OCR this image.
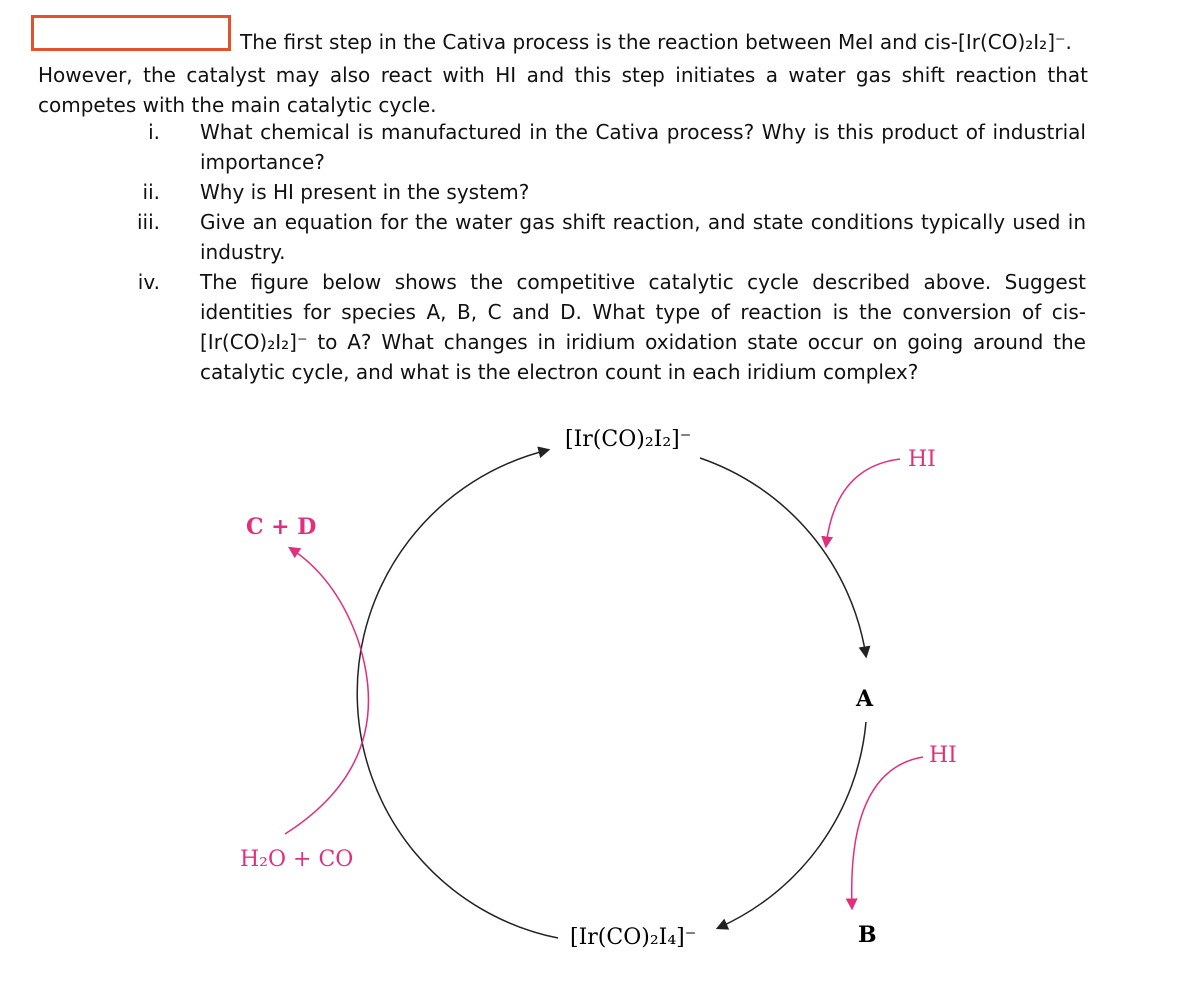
The first step in the Cativa process is the reaction between MeI and cis-[Ir(CO)₂I₂]⁻.
However, the catalyst may also react with HI and this step initiates a water gas shift reaction that competes with the main catalytic cycle.
i. What chemical is manufactured in the Cativa process? Why is this product of industrial importance?
ii. Why is HI present in the system?
iii. Give an equation for the water gas shift reaction, and state conditions typically used in industry.
iv. The figure below shows the competitive catalytic cycle described above. Suggest identities for species A, B, C and D. What type of reaction is the conversion of cis-[Ir(CO)₂I₂]⁻ to A? What changes in iridium oxidation state occur on going around the catalytic cycle, and what is the electron count in each iridium complex?
[Ir(CO)₂I₂]⁻
[Ir(CO)₂I₄]⁻
A
B
HI
HI
C + D
H₂O + CO
